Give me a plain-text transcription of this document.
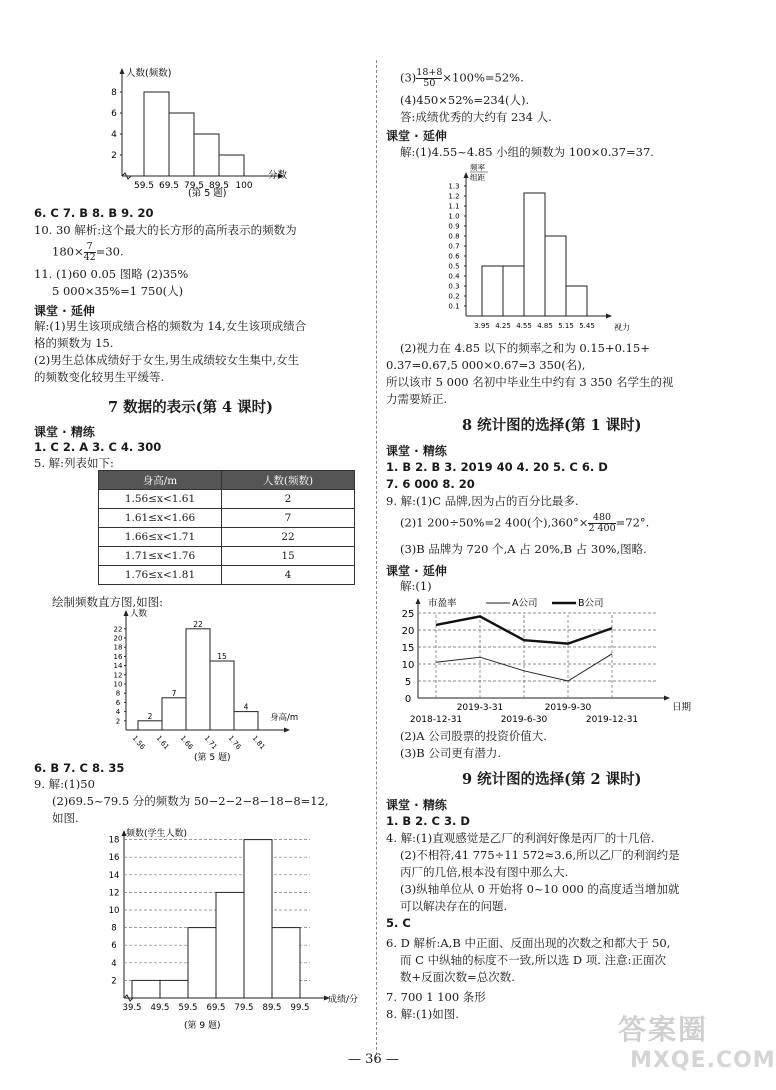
人数(频数)
分数
2
4
6
8
59.5 69.5 79.5 89.5 100
(第 5 题)
6. C 7. B 8. B 9. 20
10. 30 解析:这个最大的长方形的高所表示的频数为
$180\times \frac{7}{42} =30$.
11. (1)60 0.05 图略 (2)35%
5 000×35%=1 750(人)
课堂 · 延伸
解:(1)男生该项成绩合格的频数为 14,女生该项成绩合
格的频数为 15.
(2)男生总体成绩好于女生,男生成绩较女生集中,女生
的频数变化较男生平缓等.
7 数据的表示(第 4 课时)
课堂 · 精练
1. C 2. A 3. C 4. 300
5. 解:列表如下:
身高/m	人数(频数)
1.56≤x<1.61	2
1.61≤x<1.66	7
1.66≤x<1.71	22
1.71≤x<1.76	15
1.76≤x<1.81	4
绘制频数直方图,如图:
人数
身高/m
2
4
6
8
10
12
14
16
18
20
22
1.56 1.61 1.66 1.71 1.76 1.81
2
7
22
15
4
(第 5 题)
6. B 7. C 8. 35
9. 解:(1)50
(2)69.5~79.5 分的频数为 50−2−2−8−18−8=12,
如图.
频数(学生人数)
成绩/分
2
4
6
8
10
12
14
16
18
39.5 49.5 59.5 69.5 79.5 89.5 99.5
(第 9 题)
$(3) \frac{18+8}{50} \times 100\%=52\%$.
(4)450×52%=234(人).
答:成绩优秀的大约有 234 人.
课堂 · 延伸
解:(1)4.55~4.85 小组的频数为 100×0.37=37.
频率
组距
视力
0.1
0.2
0.3
0.4
0.5
0.6
0.7
0.8
0.9
1.0
1.1
1.2
1.3
3.95 4.25 4.55 4.85 5.15 5.45
(2)视力在 4.85 以下的频率之和为 0.15+0.15+
0.37=0.67,5 000×0.67=3 350(名),
所以该市 5 000 名初中毕业生中约有 3 350 名学生的视
力需要矫正.
8 统计图的选择(第 1 课时)
课堂 · 精练
1. B 2. B 3. 2019 40 4. 20 5. C 6. D
7. 6 000 8. 20
9. 解:(1)C 品牌,因为占的百分比最多.
(2)1 200÷50%=2 400(个)$,360^\circ\times \frac{480}{2 400} =72^\circ$.
(3)B 品牌为 720 个,A 占 20%,B 占 30%,图略.
课堂 · 延伸
解:(1)
市盈率	A公司	B公司
日期
0
5
10
15
20
25
2019-3-31	2019-9-30
2018-12-31	2019-6-30	2019-12-31
(2)A 公司股票的投资价值大.
(3)B 公司更有潜力.
9 统计图的选择(第 2 课时)
课堂 · 精练
1. B 2. C 3. D
4. 解:(1)直观感觉是乙厂的利润好像是丙厂的十几倍.
(2)不相符,41 775÷11 572≈3.6,所以乙厂的利润约是
丙厂的几倍,根本没有图中那么大.
(3)纵轴单位从 0 开始将 0~10 000 的高度适当增加就
可以解决存在的问题.
5. C
6. D 解析:A,B 中正面、反面出现的次数之和都大于 50,
而 C 中纵轴的标度不一致,所以选 D 项. 注意:正面次
数+反面次数=总次数.
7. 700 1 100 条形
8. 解:(1)如图.
— 36 —
答案圈
MXQE.COM
